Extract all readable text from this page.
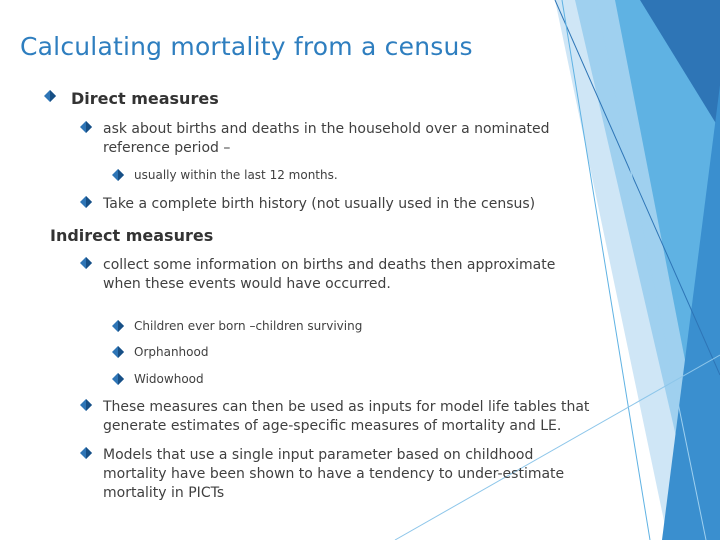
Calculating mortality from a census
Direct measures
ask about births and deaths in the household over a nominated reference period –
usually within the last 12 months.
Take a complete birth history (not usually used in the census)
Indirect measures
collect some information on births and deaths then approximate when these events would have occurred.
Children ever born –children surviving
Orphanhood
Widowhood
These measures can then be used as inputs for model life tables that generate estimates of age-specific measures of mortality and LE.
Models that use a single input parameter based on childhood mortality have been shown to have a tendency to under-estimate mortality in PICTs
